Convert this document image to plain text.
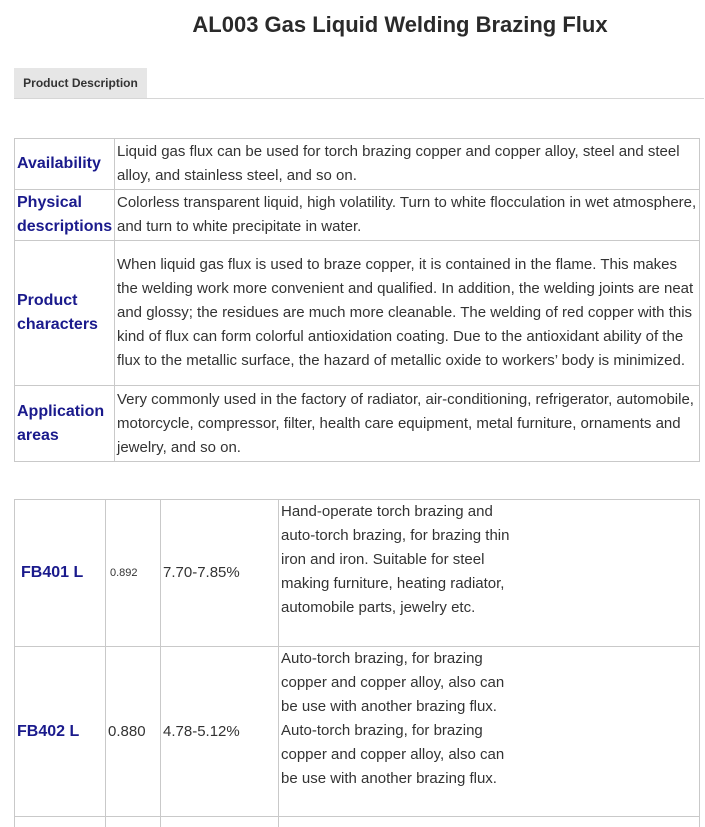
AL003 Gas Liquid Welding Brazing Flux
Product Description
Availability	Liquid gas flux can be used for torch brazing copper and copper alloy, steel and steel alloy, and stainless steel, and so on.
Physical descriptions	Colorless transparent liquid, high volatility. Turn to white flocculation in wet atmosphere, and turn to white precipitate in water.
Product characters	When liquid gas flux is used to braze copper, it is contained in the flame. This makes the welding work more convenient and qualified. In addition, the welding joints are neat and glossy; the residues are much more cleanable. The welding of red copper with this kind of flux can form colorful antioxidation coating. Due to the antioxidant ability of the flux to the metallic surface, the hazard of metallic oxide to workers’ body is minimized.
Application areas	Very commonly used in the factory of radiator, air-conditioning, refrigerator, automobile, motorcycle, compressor, filter, health care equipment, metal furniture, ornaments and jewelry, and so on.
FB401 L	0.892	7.70-7.85%	Hand-operate torch brazing and auto-torch brazing, for brazing thin iron and iron. Suitable for steel making furniture, heating radiator, automobile parts, jewelry etc.

FB402 L	0.880	4.78-5.12%	Auto-torch brazing, for brazing copper and copper alloy, also can be use with another brazing flux. Auto-torch brazing, for brazing copper and copper alloy, also can be use with another brazing flux.
